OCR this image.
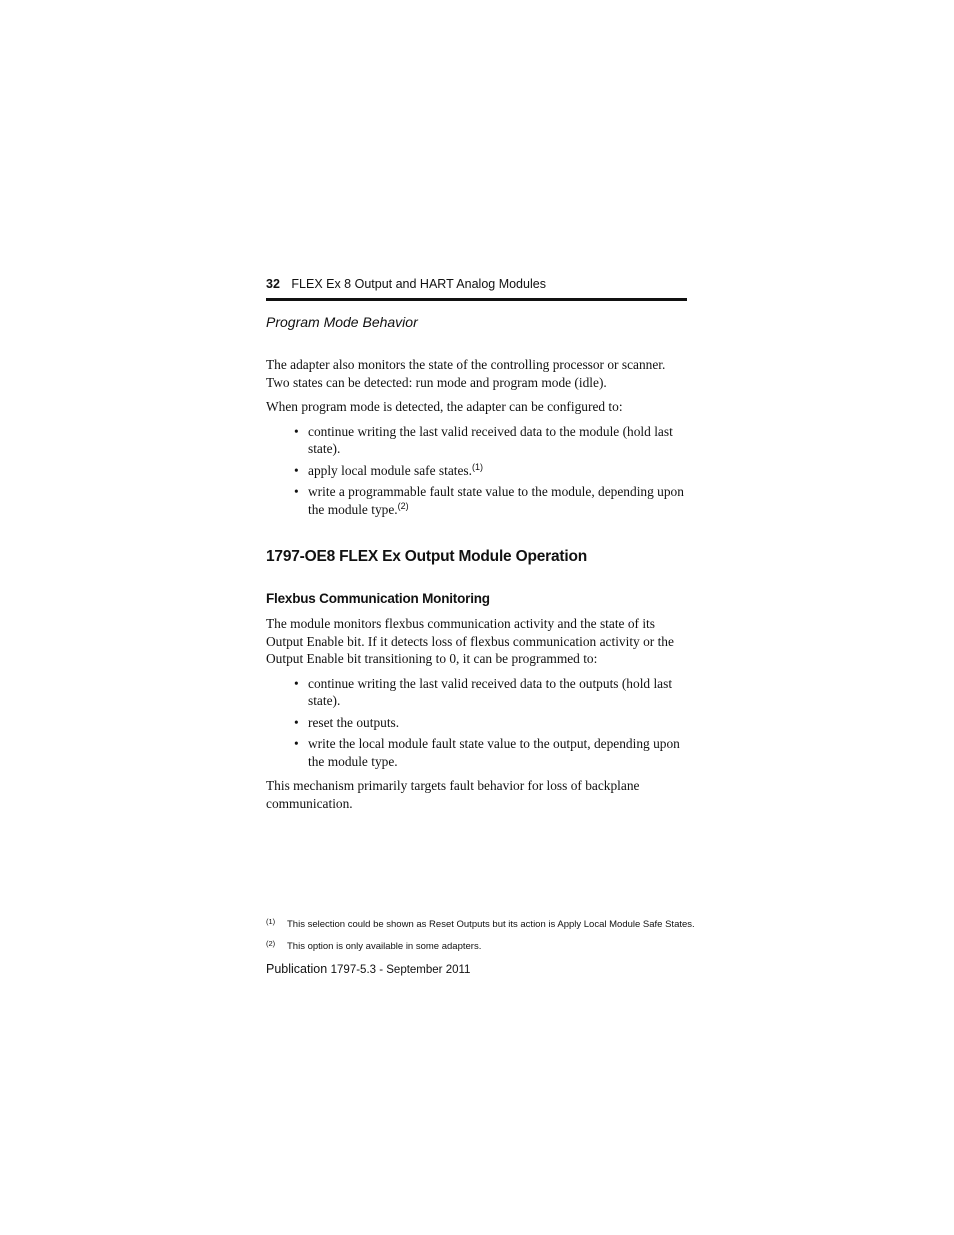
32 FLEX Ex 8 Output and HART Analog Modules
Program Mode Behavior

The adapter also monitors the state of the controlling processor or scanner. Two states can be detected: run mode and program mode (idle).

When program mode is detected, the adapter can be configured to:

• continue writing the last valid received data to the module (hold last state).
• apply local module safe states.$^{(1)}$
• write a programmable fault state value to the module, depending upon the module type.$^{(2)}$
1797-OE8 FLEX Ex Output Module Operation
Flexbus Communication Monitoring

The module monitors flexbus communication activity and the state of its Output Enable bit. If it detects loss of flexbus communication activity or the Output Enable bit transitioning to 0, it can be programmed to:

• continue writing the last valid received data to the outputs (hold last state).
• reset the outputs.
• write the local module fault state value to the output, depending upon the module type.

This mechanism primarily targets fault behavior for loss of backplane communication.

(1) This selection could be shown as Reset Outputs but its action is Apply Local Module Safe States.
(2) This option is only available in some adapters.
Publication 1797-5.3 - September 2011
